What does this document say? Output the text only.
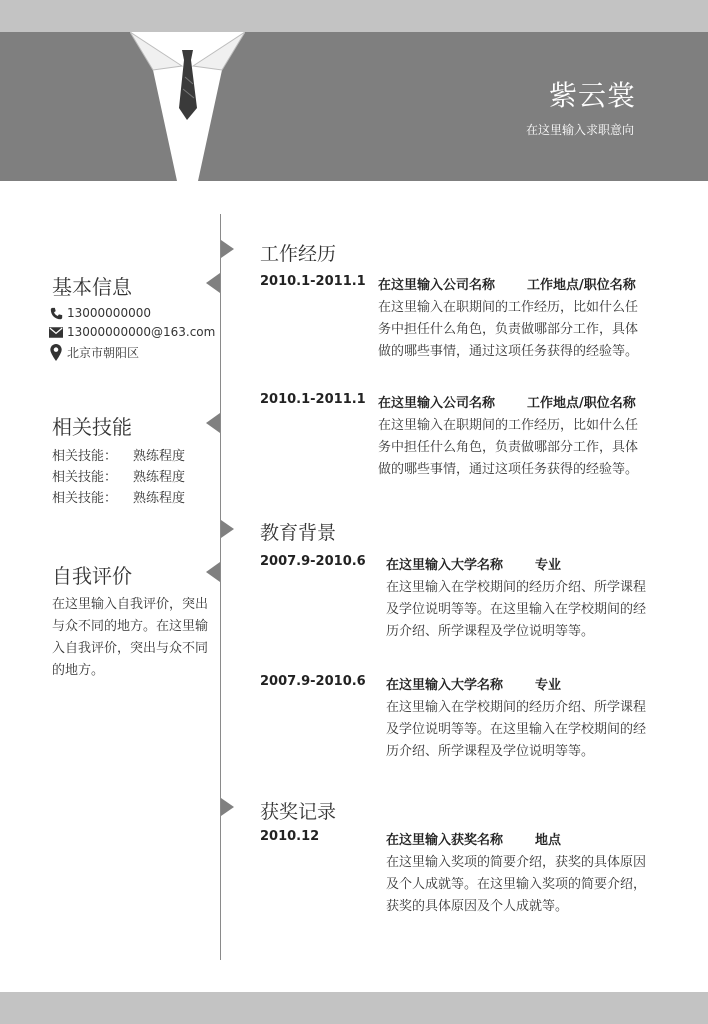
紫云裳
在这里输入求职意向
基本信息
13000000000
13000000000@163.com
北京市朝阳区
相关技能
相关技能： 熟练程度
相关技能： 熟练程度
相关技能： 熟练程度
自我评价
在这里输入自我评价，突出与众不同的地方。在这里输入自我评价，突出与众不同的地方。
工作经历
2010.1-2011.1 在这里输入公司名称 工作地点/职位名称
在这里输入在职期间的工作经历，比如什么任务中担任什么角色，负责做哪部分工作，具体做的哪些事情，通过这项任务获得的经验等。
2010.1-2011.1 在这里输入公司名称 工作地点/职位名称
在这里输入在职期间的工作经历，比如什么任务中担任什么角色，负责做哪部分工作，具体做的哪些事情，通过这项任务获得的经验等。
教育背景
2007.9-2010.6 在这里输入大学名称 专业
在这里输入在学校期间的经历介绍、所学课程及学位说明等等。在这里输入在学校期间的经历介绍、所学课程及学位说明等等。
2007.9-2010.6 在这里输入大学名称 专业
在这里输入在学校期间的经历介绍、所学课程及学位说明等等。在这里输入在学校期间的经历介绍、所学课程及学位说明等等。
获奖记录
2010.12	在这里输入获奖名称 地点
在这里输入奖项的简要介绍，获奖的具体原因及个人成就等。在这里输入奖项的简要介绍，获奖的具体原因及个人成就等。
